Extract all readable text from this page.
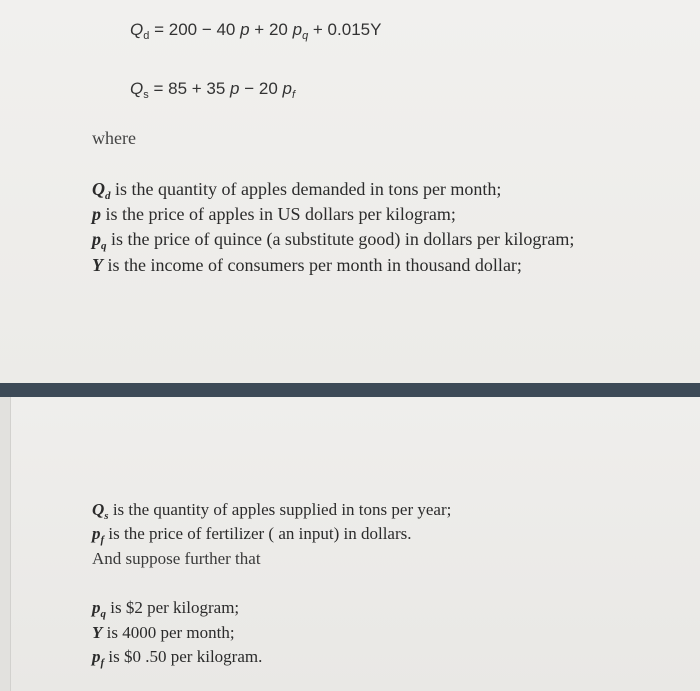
$Q_d = 200 - 40$ p + 20 $p_q + 0.015Y$
$Q_s = 85 + 35$ p − 20 $p_f$
where
$Q_d$ is the quantity of apples demanded in tons per month;
p is the price of apples in US dollars per kilogram;
$p_q$ is the price of quince (a substitute good) in dollars per kilogram;
Y is the income of consumers per month in thousand dollar;
$Q_s$ is the quantity of apples supplied in tons per year;
$p_f$ is the price of fertilizer ( an input) in dollars.
And suppose further that
$p_q$ is $2 per kilogram;
Y is 4000 per month;
$p_f$ is $0 .50 per kilogram.
